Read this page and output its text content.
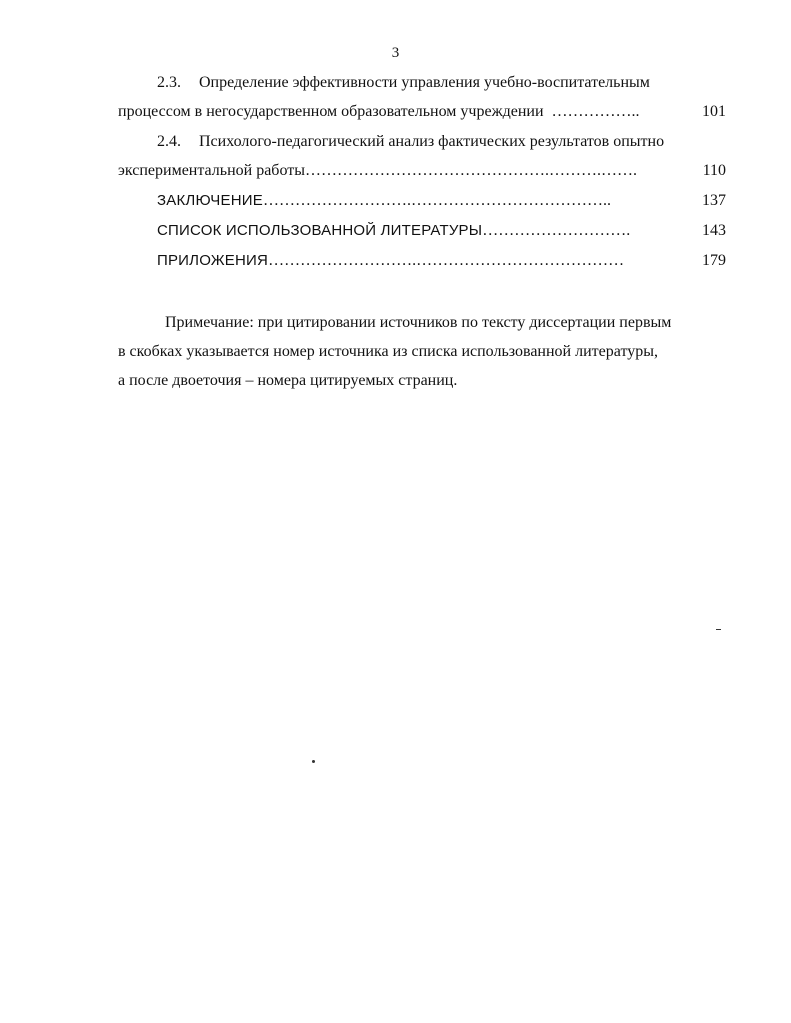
3
2.3. Определение эффективности управления учебно-воспитательным
процессом в негосударственном образовательном учреждении ……………..	101
2.4. Психолого-педагогический анализ фактических результатов опытно
экспериментальной работы ……………………………………….……….…….	110
ЗАКЛЮЧЕНИЕ ……………………….………………………………..	137
СПИСОК ИСПОЛЬЗОВАННОЙ ЛИТЕРАТУРЫ ……………………….	143
ПРИЛОЖЕНИЯ ……………………….…………………………………	179
Примечание: при цитировании источников по тексту диссертации первым
в скобках указывается номер источника из списка использованной литературы,
а после двоеточия – номера цитируемых страниц.
